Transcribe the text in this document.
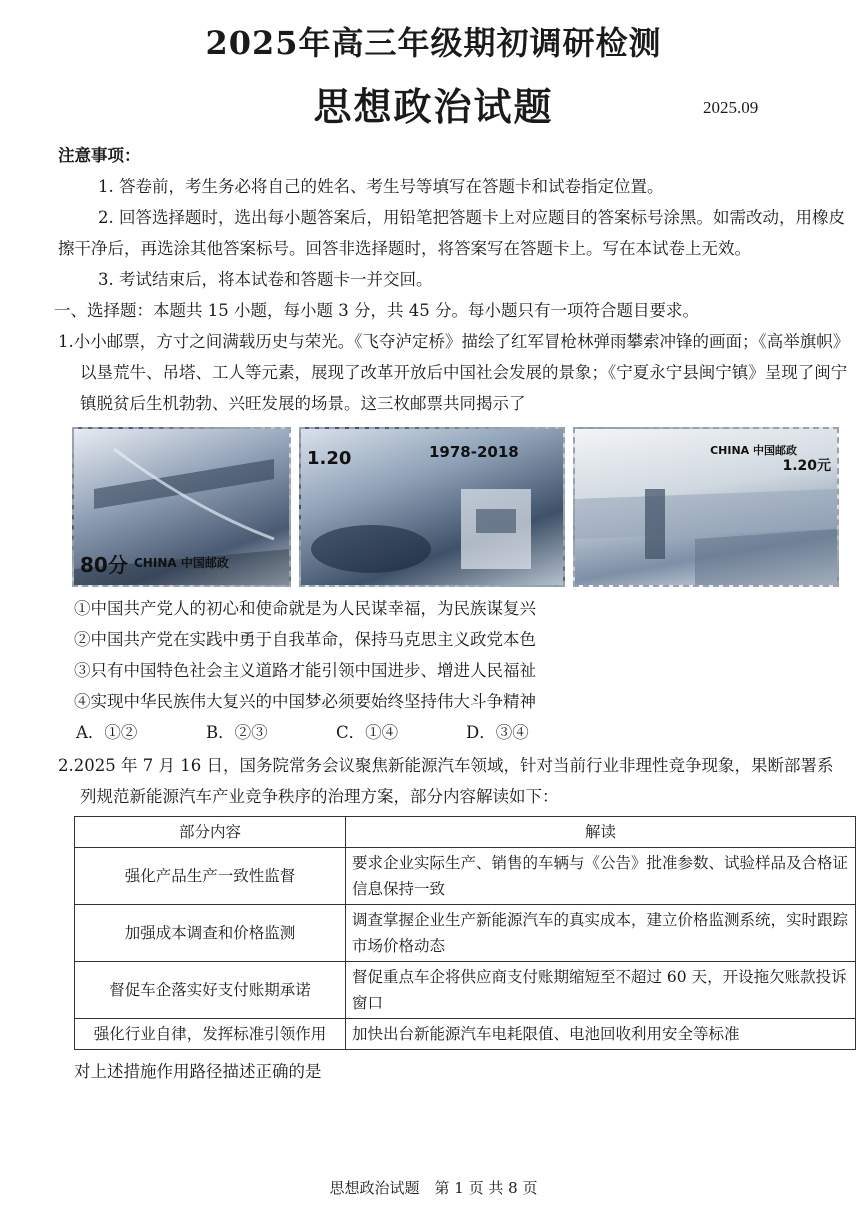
2025年高三年级期初调研检测
思想政治试题	2025.09

注意事项：

1. 答卷前，考生务必将自己的姓名、考生号等填写在答题卡和试卷指定位置。

2. 回答选择题时，选出每小题答案后，用铅笔把答题卡上对应题目的答案标号涂黑。如需改动，用橡皮擦干净后，再选涂其他答案标号。回答非选择题时，将答案写在答题卡上。写在本试卷上无效。

3. 考试结束后，将本试卷和答题卡一并交回。

一、选择题：本题共 15 小题，每小题 3 分，共 45 分。每小题只有一项符合题目要求。

1.小小邮票，方寸之间满载历史与荣光。《飞夺泸定桥》描绘了红军冒枪林弹雨攀索冲锋的画面；《高举旗帜》以垦荒牛、吊塔、工人等元素，展现了改革开放后中国社会发展的景象；《宁夏永宁县闽宁镇》呈现了闽宁镇脱贫后生机勃勃、兴旺发展的场景。这三枚邮票共同揭示了

80分 CHINA 中国邮政
1.20	1978-2018	CHINA 中国邮政
1.20元

①中国共产党人的初心和使命就是为人民谋幸福，为民族谋复兴

②中国共产党在实践中勇于自我革命，保持马克思主义政党本色

③只有中国特色社会主义道路才能引领中国进步、增进人民福祉

④实现中华民族伟大复兴的中国梦必须要始终坚持伟大斗争精神

A．①②	B．②③	C．①④	D．③④

2.2025 年 7 月 16 日，国务院常务会议聚焦新能源汽车领域，针对当前行业非理性竞争现象，果断部署系列规范新能源汽车产业竞争秩序的治理方案，部分内容解读如下：

部分内容	解读
强化产品生产一致性监督	要求企业实际生产、销售的车辆与《公告》批准参数、试验样品及合格证信息保持一致
加强成本调查和价格监测	调查掌握企业生产新能源汽车的真实成本，建立价格监测系统，实时跟踪市场价格动态
督促车企落实好支付账期承诺	督促重点车企将供应商支付账期缩短至不超过 60 天，开设拖欠账款投诉窗口
强化行业自律，发挥标准引领作用	加快出台新能源汽车电耗限值、电池回收利用安全等标准

对上述措施作用路径描述正确的是

思想政治试题　第 1 页 共 8 页
